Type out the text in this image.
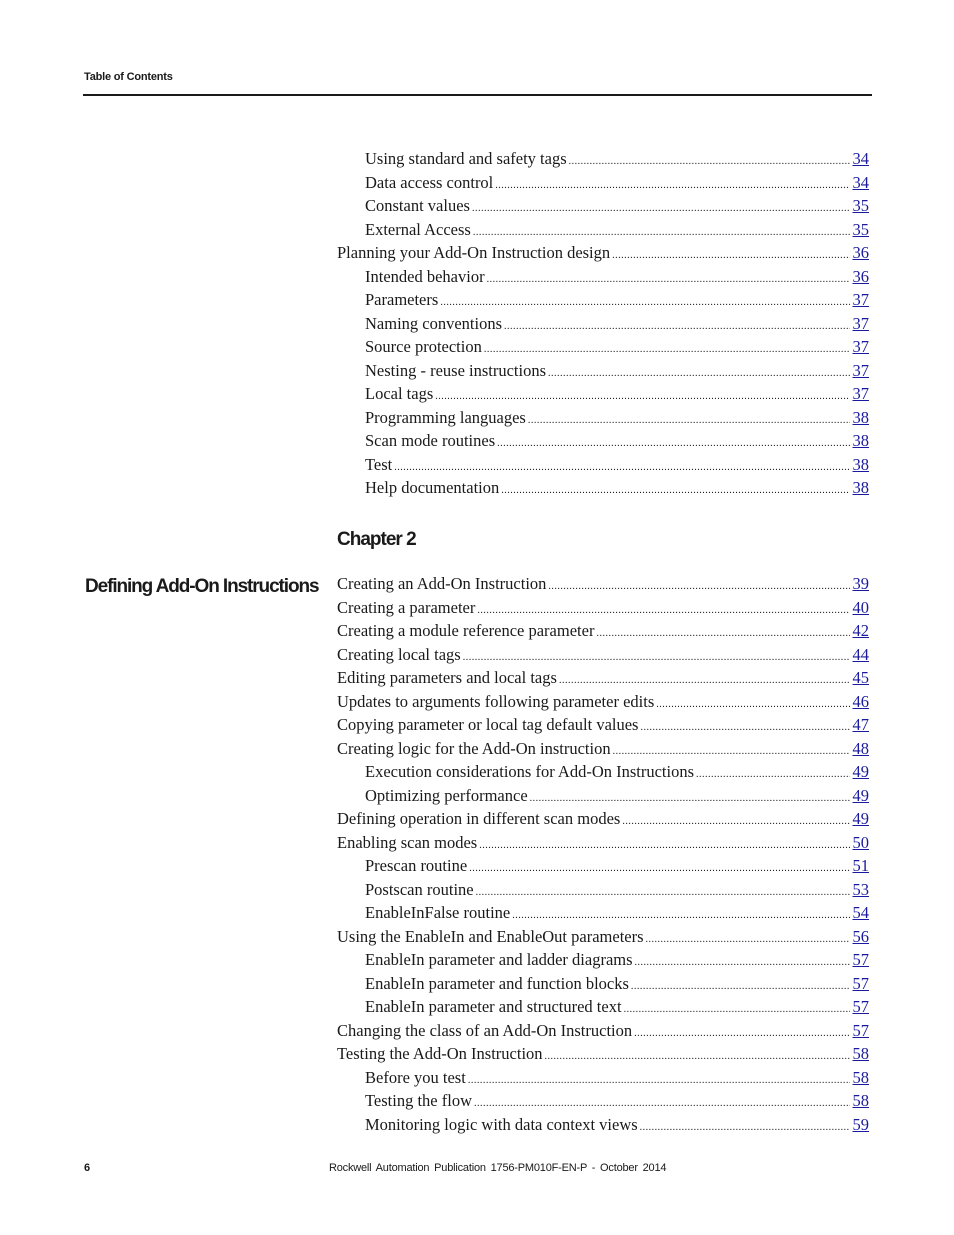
Table of Contents
Using standard and safety tags .....	34
Data access control .....	34
Constant values .....	35
External Access .....	35
Planning your Add-On Instruction design .....	36
Intended behavior .....	36
Parameters .....	37
Naming conventions .....	37
Source protection .....	37
Nesting - reuse instructions .....	37
Local tags .....	37
Programming languages .....	38
Scan mode routines .....	38
Test .....	38
Help documentation .....	38
Chapter 2
Defining Add-On Instructions Creating an Add-On Instruction .....	39
Creating a parameter .....	40
Creating a module reference parameter .....	42
Creating local tags .....	44
Editing parameters and local tags .....	45
Updates to arguments following parameter edits .....	46
Copying parameter or local tag default values .....	47
Creating logic for the Add-On instruction .....	48
Execution considerations for Add-On Instructions .....	49
Optimizing performance .....	49
Defining operation in different scan modes .....	49
Enabling scan modes .....	50
Prescan routine .....	51
Postscan routine .....	53
EnableInFalse routine .....	54
Using the EnableIn and EnableOut parameters .....	56
EnableIn parameter and ladder diagrams .....	57
EnableIn parameter and function blocks .....	57
EnableIn parameter and structured text .....	57
Changing the class of an Add-On Instruction .....	57
Testing the Add-On Instruction .....	58
Before you test .....	58
Testing the flow .....	58
Monitoring logic with data context views .....	59
6	Rockwell Automation Publication 1756-PM010F-EN-P - October 2014
